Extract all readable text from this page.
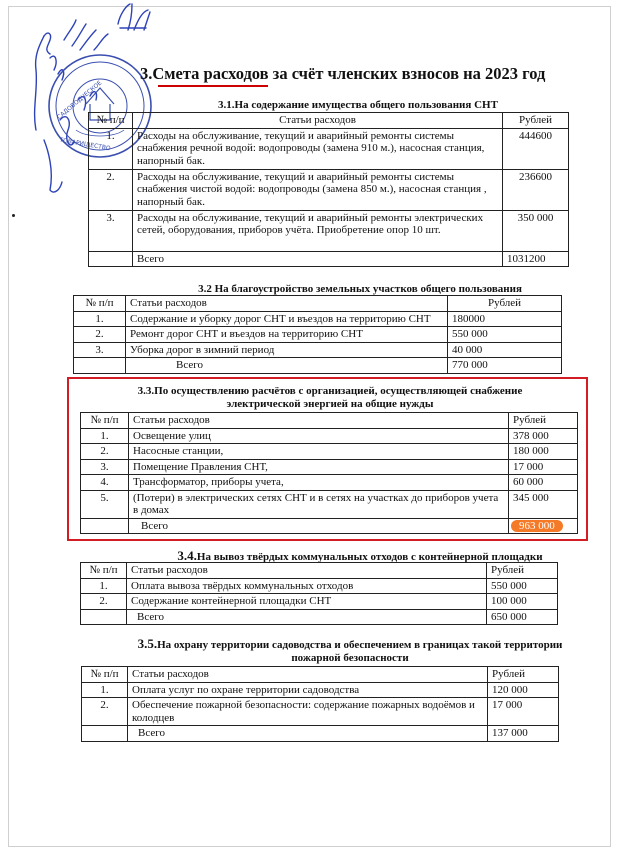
САДОВОДЧЕСКОЕ
ТОВАРИЩЕСТВО
3.Смета расходов за счёт членских взносов на 2023 год
3.1.На содержание имущества общего пользования СНТ
№ п/п	Статьи расходов	Рублей
1.	Расходы на обслуживание, текущий и аварийный ремонты системы снабжения речной водой: водопроводы (замена 910 м.), насосная станция, напорный бак.	444600
2.	Расходы на обслуживание, текущий и аварийный ремонты системы снабжения чистой водой: водопроводы (замена 850 м.), насосная станция , напорный бак.	236600
3.	Расходы на обслуживание, текущий и аварийный ремонты электрических сетей, оборудования, приборов учёта. Приобретение опор 10 шт.	350 000
	Всего	1031200
3.2 На благоустройство земельных участков общего пользования
№ п/п	Статьи расходов	Рублей
1.	Содержание и уборку дорог СНТ и въездов на территорию СНТ	180000
2.	Ремонт дорог СНТ и въездов на территорию СНТ	550 000
3.	Уборка дорог в зимний период	40 000
	Всего	770 000
3.3.По осуществлению расчётов с организацией, осуществляющей снабжение
электрической энергией на общие нужды
№ п/п	Статьи расходов	Рублей
1.	Освещение улиц	378 000
2.	Насосные станции,	180 000
3.	Помещение Правления СНТ,	17 000
4.	Трансформатор, приборы учета,	60 000
5.	(Потери) в электрических сетях СНТ и в сетях на участках до приборов учета в домах	345 000
	Всего	963 000
3.4.На вывоз твёрдых коммунальных отходов с контейнерной площадки
№ п/п	Статьи расходов	Рублей
1.	Оплата вывоза твёрдых коммунальных отходов	550 000
2.	Содержание контейнерной площадки СНТ	100 000
	Всего	650 000
3.5.На охрану территории садоводства и обеспечением в границах такой территории
пожарной безопасности
№ п/п	Статьи расходов	Рублей
1.	Оплата услуг по охране территории садоводства	120 000
2.	Обеспечение пожарной безопасности: содержание пожарных водоёмов и колодцев	17 000
	Всего	137 000
